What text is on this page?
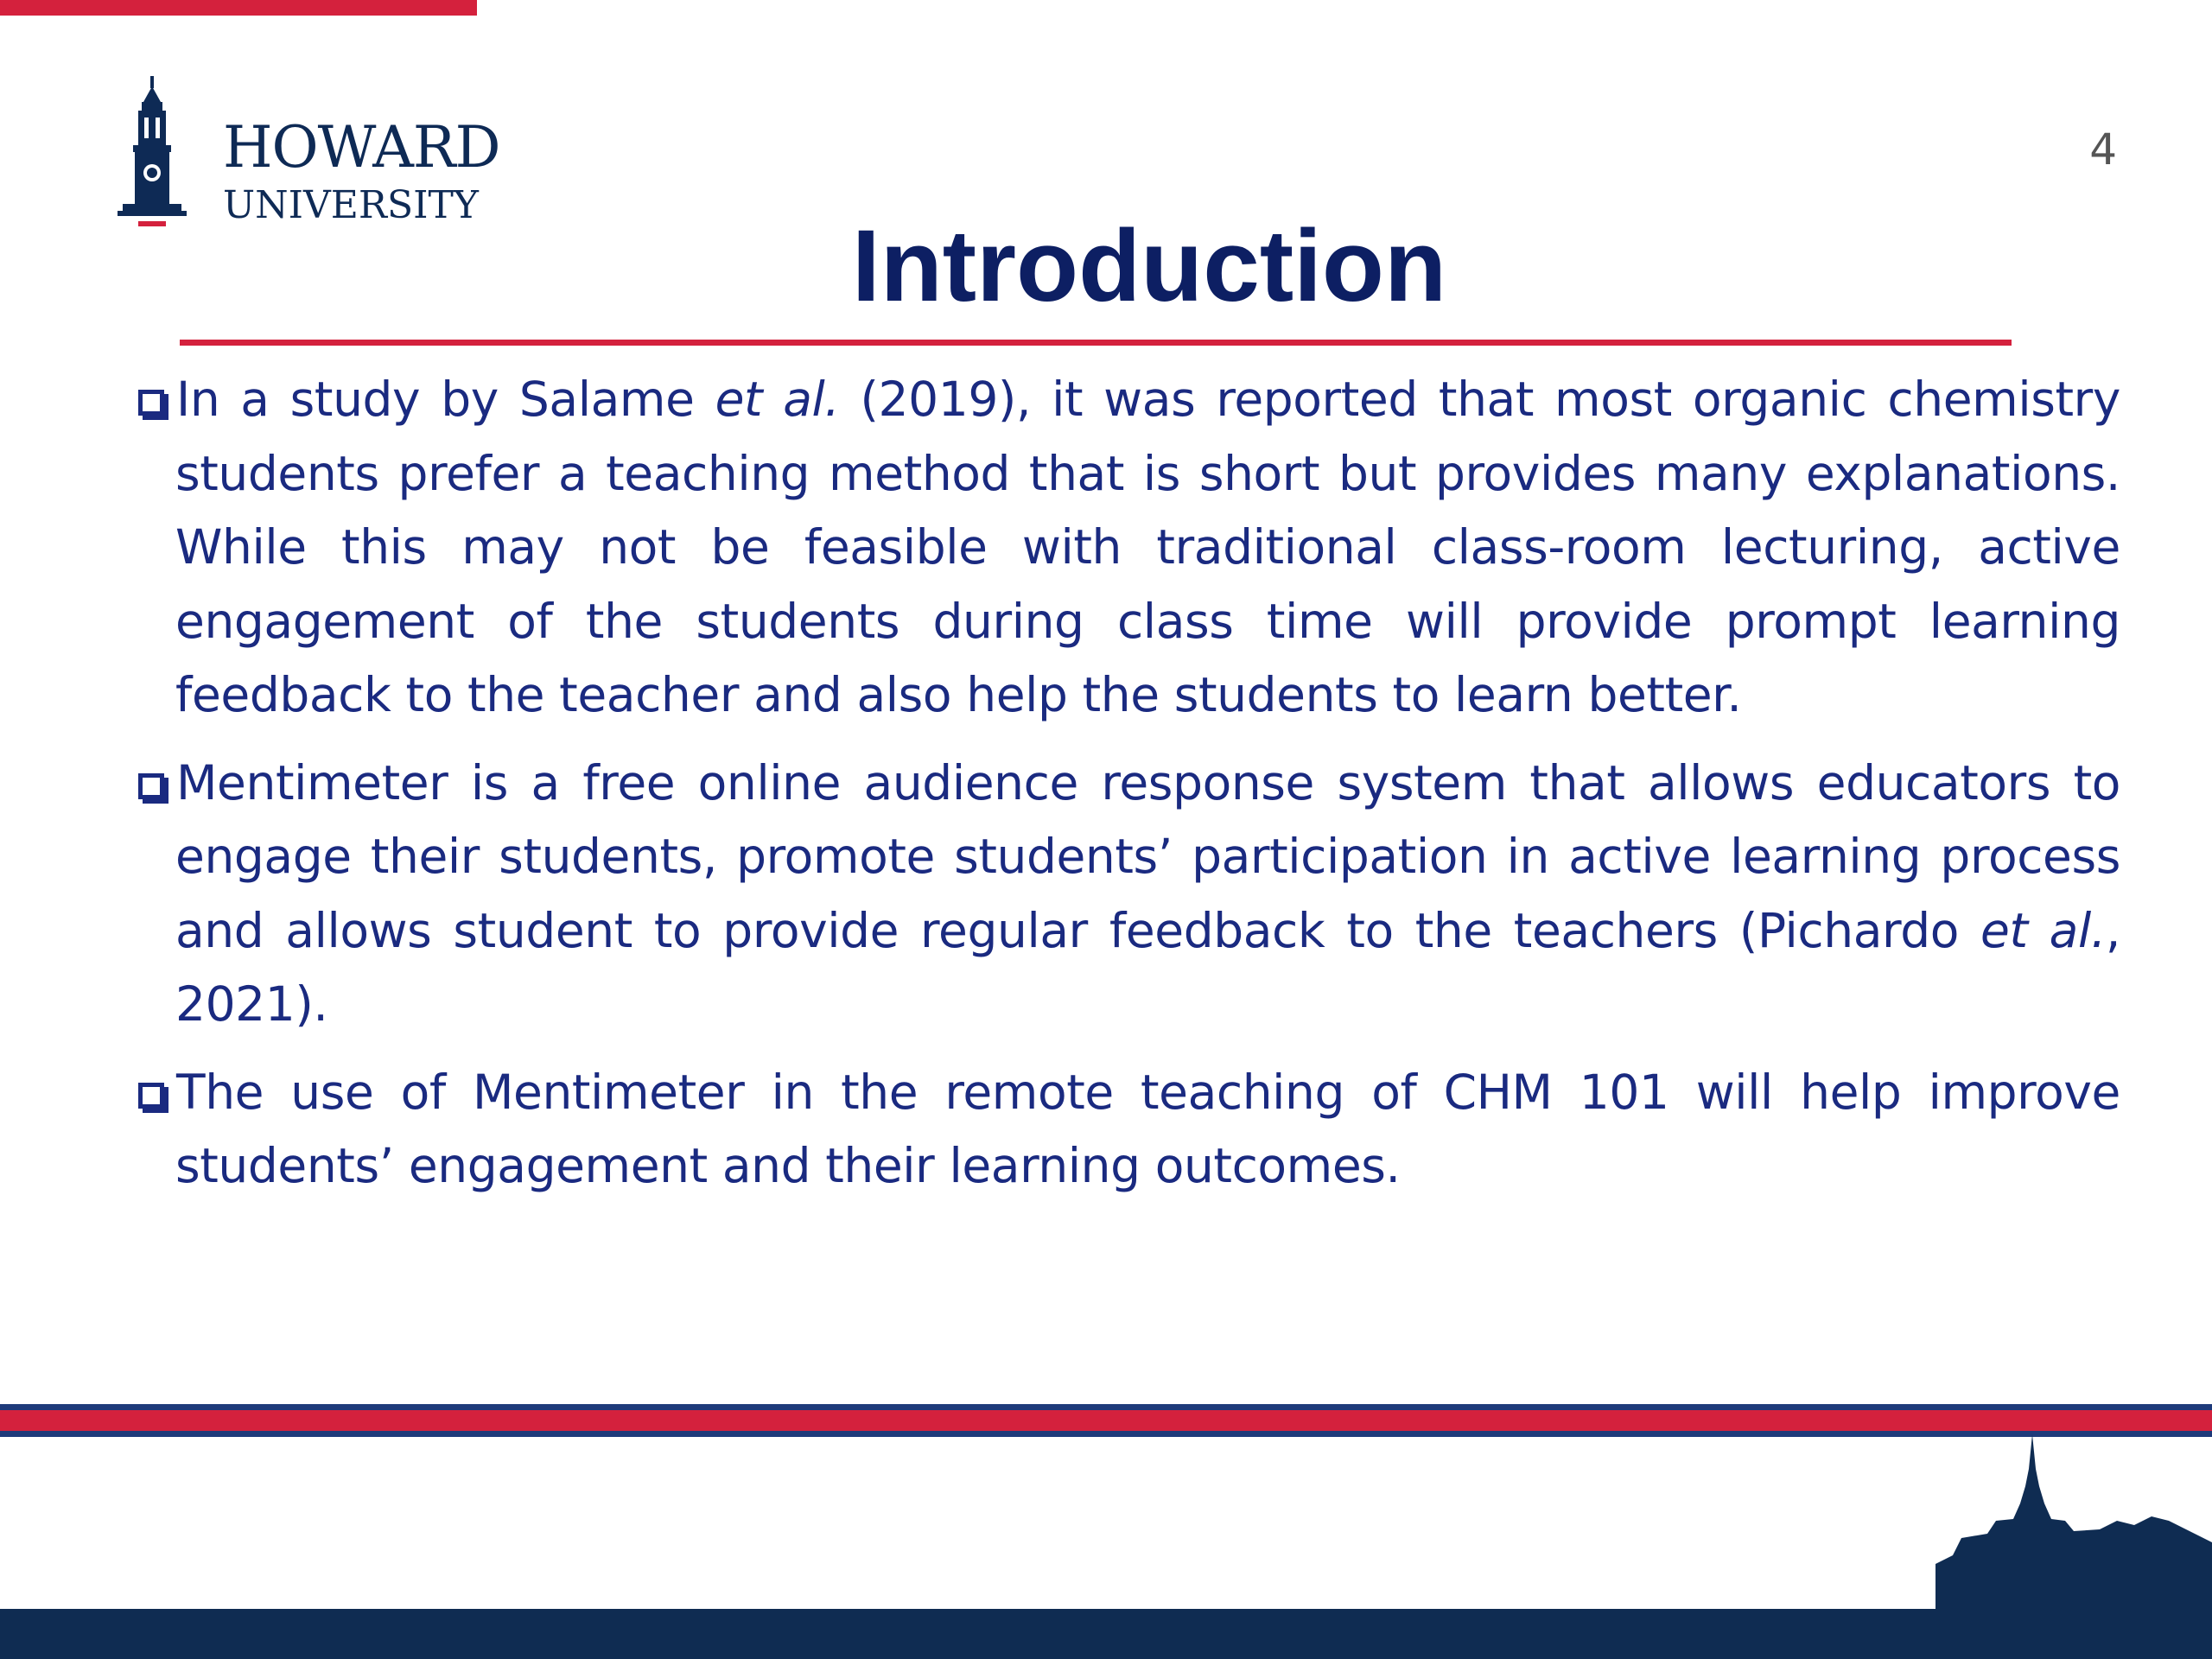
HOWARD
UNIVERSITY
4
Introduction

In a study by Salame et al. (2019), it was reported that most organic chemistry students prefer a teaching method that is short but provides many explanations. While this may not be feasible with traditional class-room lecturing, active engagement of the students during class time will provide prompt learning feedback to the teacher and also help the students to learn better.

Mentimeter is a free online audience response system that allows educators to engage their students, promote students’ participation in active learning process and allows student to provide regular feedback to the teachers (Pichardo et al., 2021).

The use of Mentimeter in the remote teaching of CHM 101 will help improve students’ engagement and their learning outcomes.
